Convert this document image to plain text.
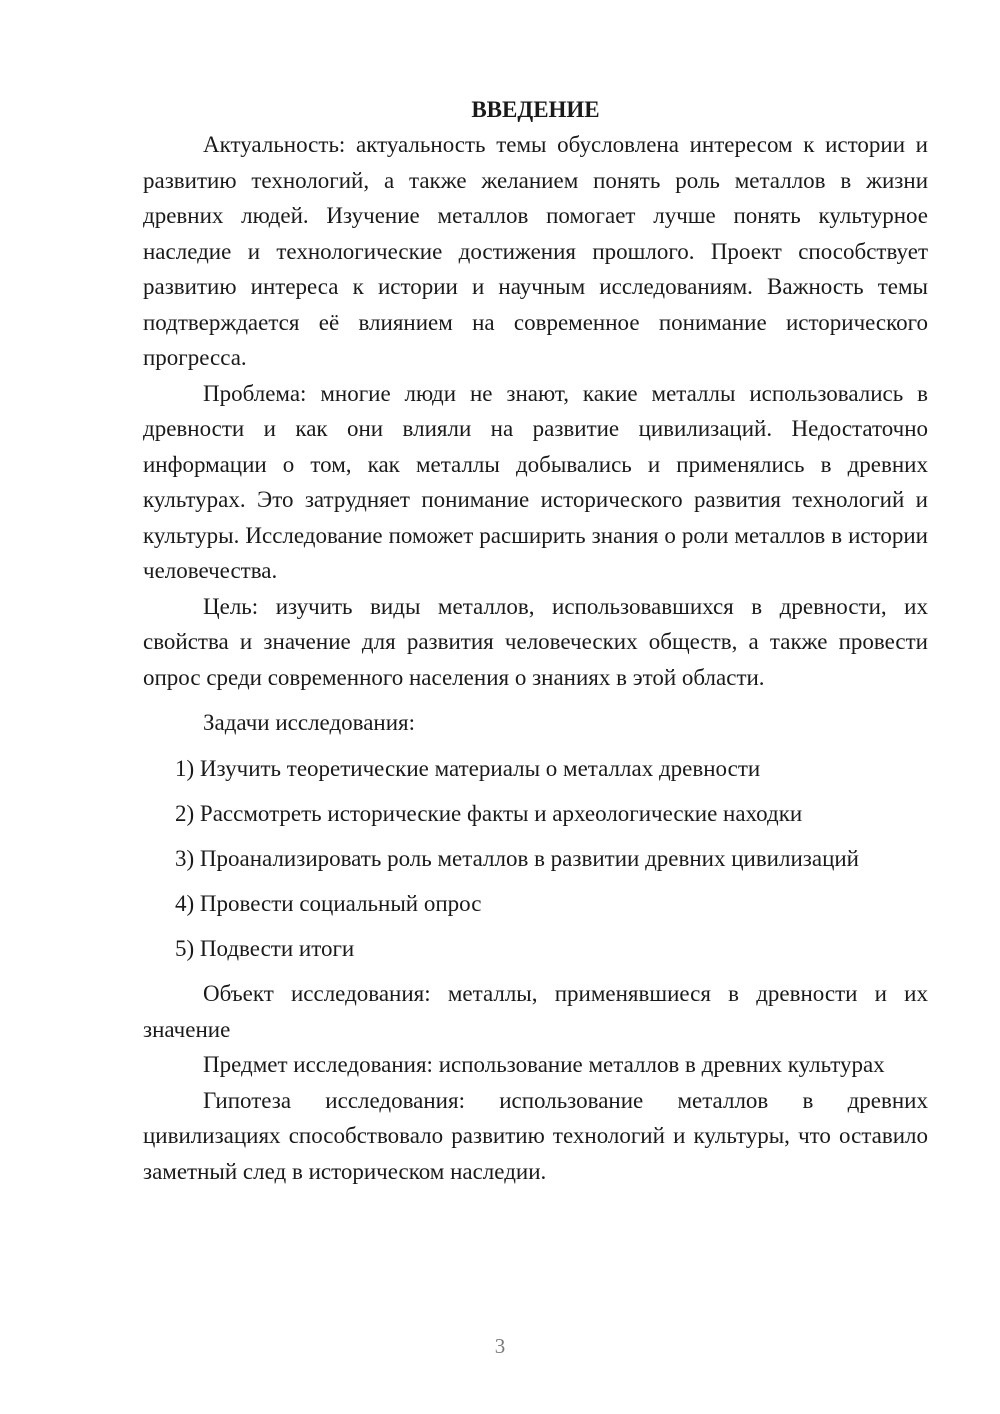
ВВЕДЕНИЕ

Актуальность: актуальность темы обусловлена интересом к истории и развитию технологий, а также желанием понять роль металлов в жизни древних людей. Изучение металлов помогает лучше понять культурное наследие и технологические достижения прошлого. Проект способствует развитию интереса к истории и научным исследованиям. Важность темы подтверждается её влиянием на современное понимание исторического прогресса.

Проблема: многие люди не знают, какие металлы использовались в древности и как они влияли на развитие цивилизаций. Недостаточно информации о том, как металлы добывались и применялись в древних культурах. Это затрудняет понимание исторического развития технологий и культуры. Исследование поможет расширить знания о роли металлов в истории человечества.

Цель: изучить виды металлов, использовавшихся в древности, их свойства и значение для развития человеческих обществ, а также провести опрос среди современного населения о знаниях в этой области.

Задачи исследования:

1) Изучить теоретические материалы о металлах древности

2) Рассмотреть исторические факты и археологические находки

3) Проанализировать роль металлов в развитии древних цивилизаций

4) Провести социальный опрос

5) Подвести итоги

Объект исследования: металлы, применявшиеся в древности и их значение

Предмет исследования: использование металлов в древних культурах

Гипотеза исследования: использование металлов в древних цивилизациях способствовало развитию технологий и культуры, что оставило заметный след в историческом наследии.

3
